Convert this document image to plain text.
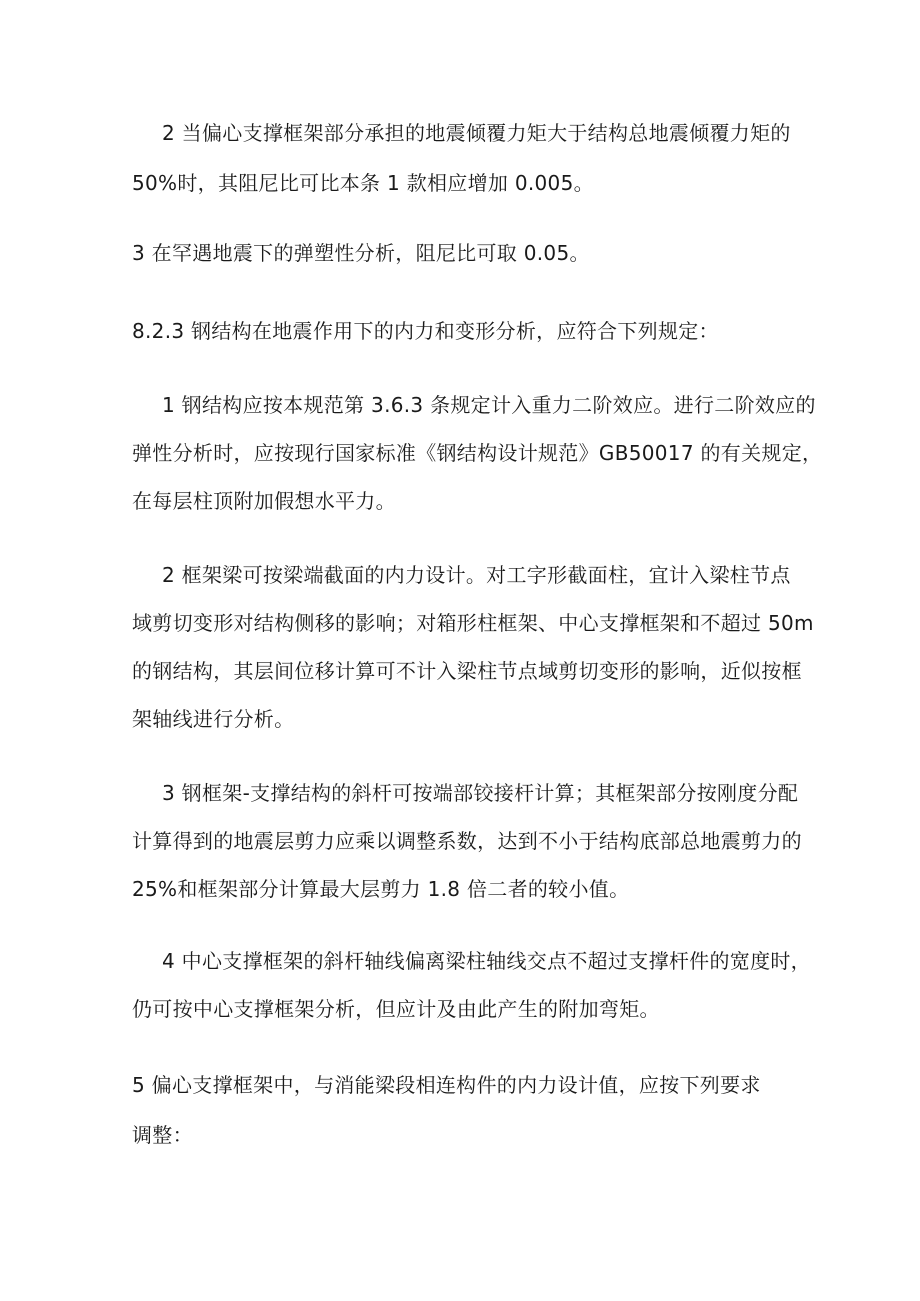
2 当偏心支撑框架部分承担的地震倾覆力矩大于结构总地震倾覆力矩的
50%时，其阻尼比可比本条 1 款相应增加 0.005。
3 在罕遇地震下的弹塑性分析，阻尼比可取 0.05。
8.2.3 钢结构在地震作用下的内力和变形分析，应符合下列规定：
1 钢结构应按本规范第 3.6.3 条规定计入重力二阶效应。进行二阶效应的
弹性分析时，应按现行国家标准《钢结构设计规范》GB50017 的有关规定，
在每层柱顶附加假想水平力。
2 框架梁可按梁端截面的内力设计。对工字形截面柱，宜计入梁柱节点
域剪切变形对结构侧移的影响；对箱形柱框架、中心支撑框架和不超过 50m
的钢结构，其层间位移计算可不计入梁柱节点域剪切变形的影响，近似按框
架轴线进行分析。
3 钢框架-支撑结构的斜杆可按端部铰接杆计算；其框架部分按刚度分配
计算得到的地震层剪力应乘以调整系数，达到不小于结构底部总地震剪力的
25%和框架部分计算最大层剪力 1.8 倍二者的较小值。
4 中心支撑框架的斜杆轴线偏离梁柱轴线交点不超过支撑杆件的宽度时，
仍可按中心支撑框架分析，但应计及由此产生的附加弯矩。
5 偏心支撑框架中，与消能梁段相连构件的内力设计值，应按下列要求
调整：
